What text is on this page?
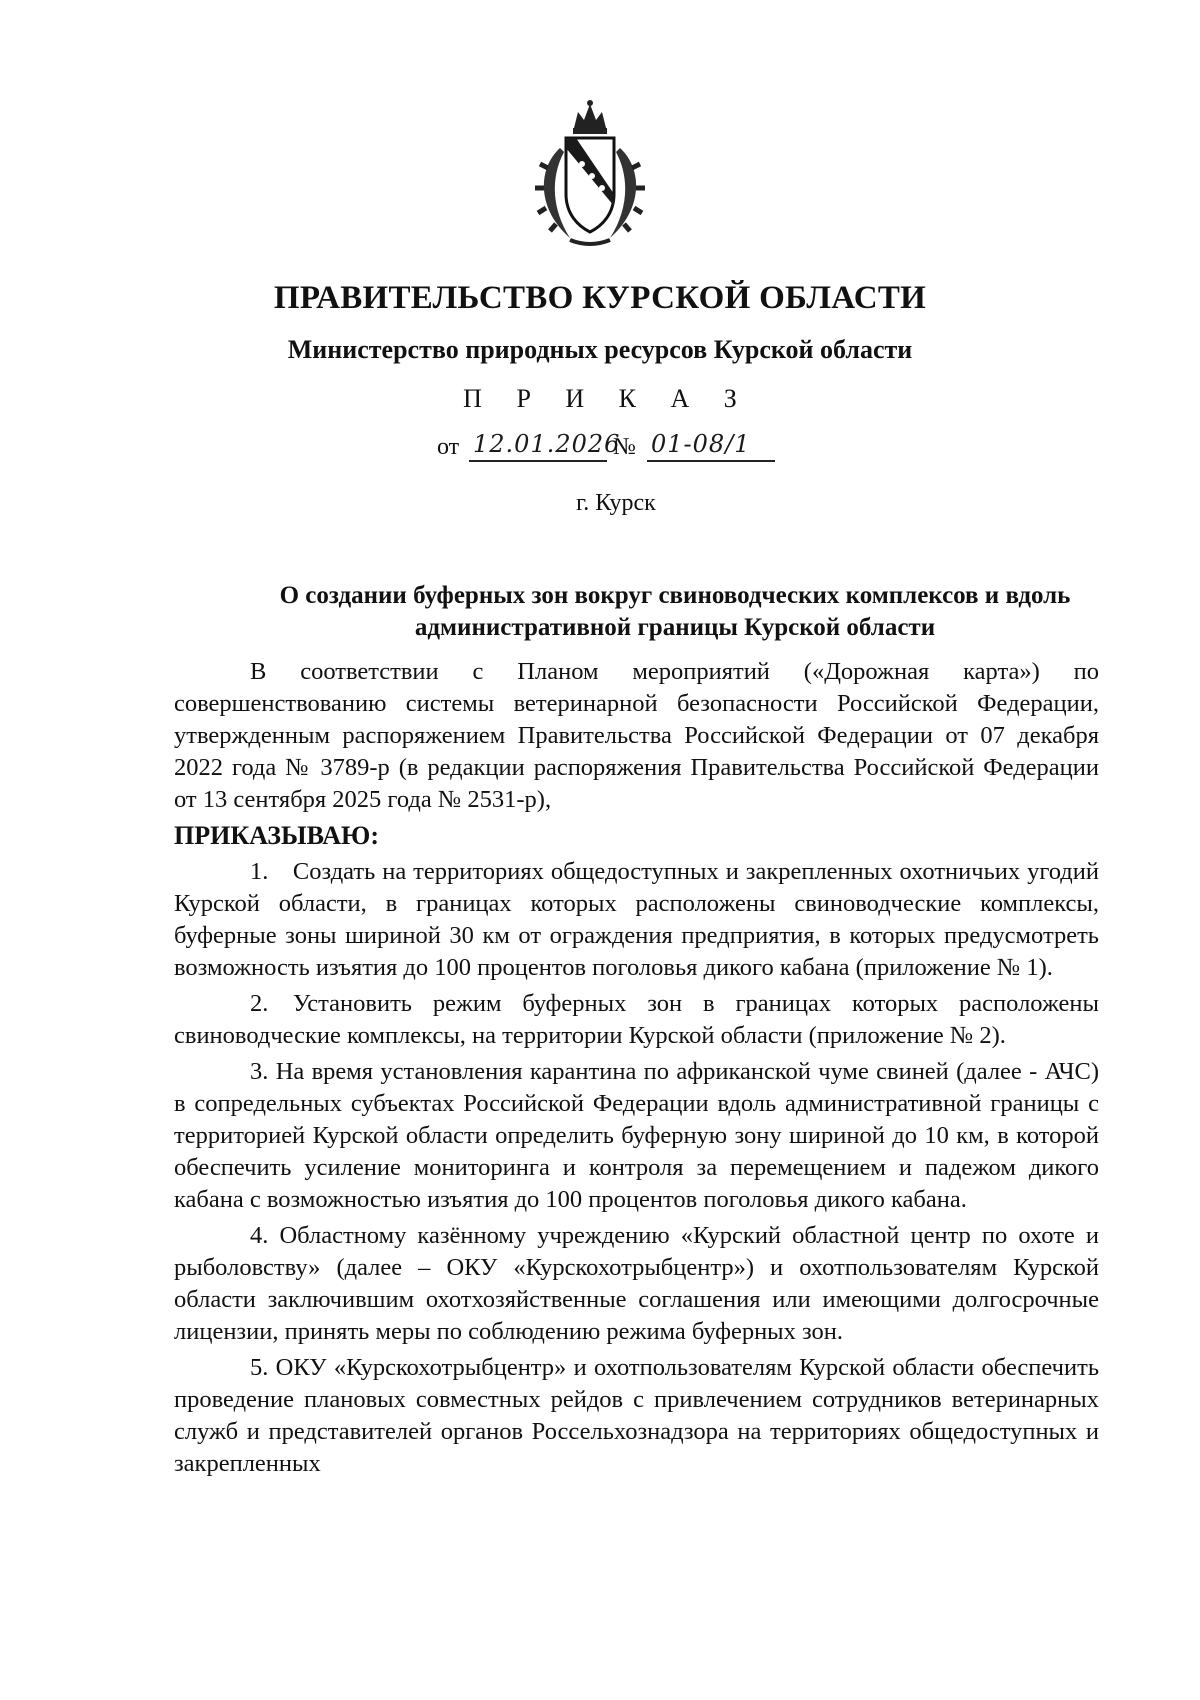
ПРАВИТЕЛЬСТВО КУРСКОЙ ОБЛАСТИ
Министерство природных ресурсов Курской области
П Р И К А З
от 12.01.2026
№ 01-08/1
г. Курск
О создании буферных зон вокруг свиноводческих комплексов и вдоль административной границы Курской области

В соответствии с Планом мероприятий («Дорожная карта») по совершенствованию системы ветеринарной безопасности Российской Федерации, утвержденным распоряжением Правительства Российской Федерации от 07 декабря 2022 года № 3789-р (в редакции распоряжения Правительства Российской Федерации от 13 сентября 2025 года № 2531-р),

ПРИКАЗЫВАЮ:

1. Создать на территориях общедоступных и закрепленных охотничьих угодий Курской области, в границах которых расположены свиноводческие комплексы, буферные зоны шириной 30 км от ограждения предприятия, в которых предусмотреть возможность изъятия до 100 процентов поголовья дикого кабана (приложение № 1).

2. Установить режим буферных зон в границах которых расположены свиноводческие комплексы, на территории Курской области (приложение № 2).

3. На время установления карантина по африканской чуме свиней (далее - АЧС) в сопредельных субъектах Российской Федерации вдоль административной границы с территорией Курской области определить буферную зону шириной до 10 км, в которой обеспечить усиление мониторинга и контроля за перемещением и падежом дикого кабана с возможностью изъятия до 100 процентов поголовья дикого кабана.

4. Областному казённому учреждению «Курский областной центр по охоте и рыболовству» (далее – ОКУ «Курскохотрыбцентр») и охотпользователям Курской области заключившим охотхозяйственные соглашения или имеющими долгосрочные лицензии, принять меры по соблюдению режима буферных зон.

5. ОКУ «Курскохотрыбцентр» и охотпользователям Курской области обеспечить проведение плановых совместных рейдов с привлечением сотрудников ветеринарных служб и представителей органов Россельхознадзора на территориях общедоступных и закрепленных
